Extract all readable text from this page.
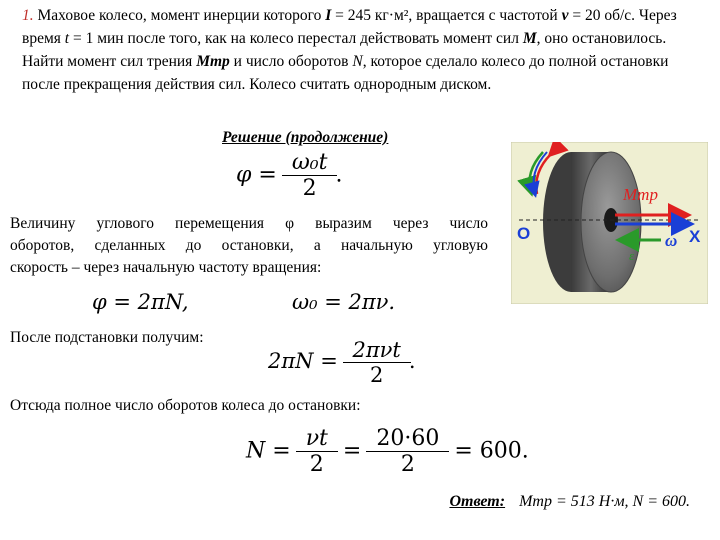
1. Маховое колесо, момент инерции которого I = 245 кг·м², вращается с частотой ν = 20 об/с. Через время t = 1 мин после того, как на колесо перестал действовать момент сил M, оно остановилось. Найти момент сил трения Mтр и число оборотов N, которое сделало колесо до полной остановки после прекращения действия сил. Колесо считать однородным диском.
Решение (продолжение)
$\varphi = \frac{\text{ω₀t}}{2}$ .
Величину углового перемещения φ выразим через число
оборотов, сделанных до остановки, а начальную угловую
скорость – через начальную частоту вращения:
φ = 2πN,	ω₀ = 2πν.
После подстановки получим:
$2\pi N = \frac{\text{2πνt}}{2}$ .
Отсюда полное число оборотов колеса до остановки:
$N = \frac{\nu t}{2} = \frac{20\cdot 60}{2} = 600$.
Ответ: Mтр = 513 Н·м, N = 600.
O	X
Mтр
ω
ε
